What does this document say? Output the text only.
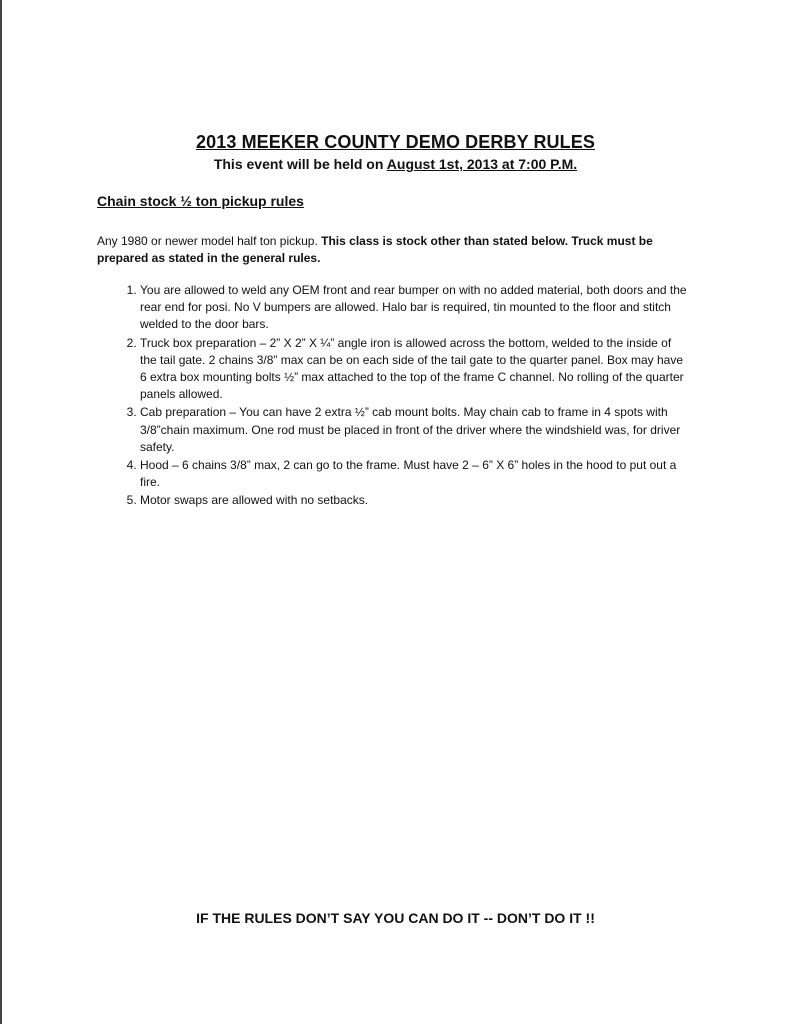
2013 MEEKER COUNTY DEMO DERBY RULES
This event will be held on August 1st, 2013 at 7:00 P.M.
Chain stock ½ ton pickup rules
Any 1980 or newer model half ton pickup. This class is stock other than stated below. Truck must be prepared as stated in the general rules.
1. You are allowed to weld any OEM front and rear bumper on with no added material, both doors and the rear end for posi. No V bumpers are allowed. Halo bar is required, tin mounted to the floor and stitch welded to the door bars.
2. Truck box preparation – 2” X 2” X ¼” angle iron is allowed across the bottom, welded to the inside of the tail gate. 2 chains 3/8” max can be on each side of the tail gate to the quarter panel. Box may have 6 extra box mounting bolts ½” max attached to the top of the frame C channel. No rolling of the quarter panels allowed.
3. Cab preparation – You can have 2 extra ½” cab mount bolts. May chain cab to frame in 4 spots with 3/8”chain maximum. One rod must be placed in front of the driver where the windshield was, for driver safety.
4. Hood – 6 chains 3/8” max, 2 can go to the frame. Must have 2 – 6” X 6” holes in the hood to put out a fire.
5. Motor swaps are allowed with no setbacks.
IF THE RULES DON’T SAY YOU CAN DO IT -- DON’T DO IT !!
